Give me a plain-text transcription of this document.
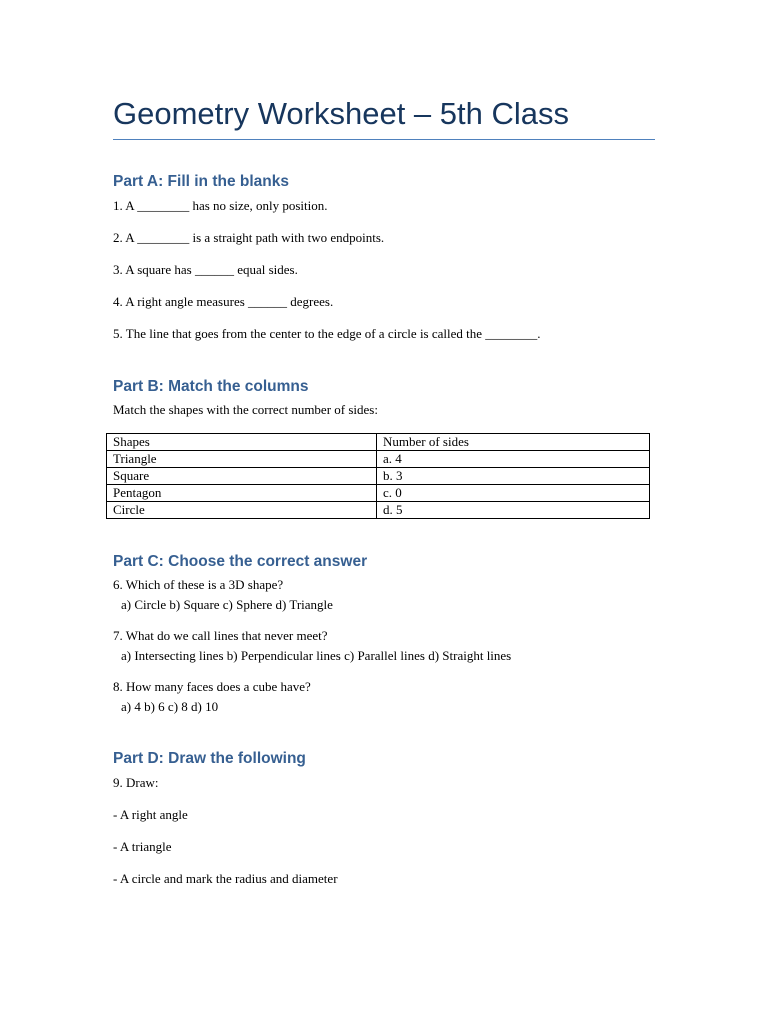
Geometry Worksheet – 5th Class
Part A: Fill in the blanks

1. A ________ has no size, only position.

2. A ________ is a straight path with two endpoints.

3. A square has ______ equal sides.

4. A right angle measures ______ degrees.

5. The line that goes from the center to the edge of a circle is called the ________.

Part B: Match the columns

Match the shapes with the correct number of sides:

Shapes	Number of sides
Triangle	a. 4
Square	b. 3
Pentagon	c. 0
Circle	d. 5
Part C: Choose the correct answer

6. Which of these is a 3D shape?

a) Circle b) Square c) Sphere d) Triangle

7. What do we call lines that never meet?

a) Intersecting lines b) Perpendicular lines c) Parallel lines d) Straight lines

8. How many faces does a cube have?

a) 4 b) 6 c) 8 d) 10

Part D: Draw the following

9. Draw:

- A right angle

- A triangle

- A circle and mark the radius and diameter
